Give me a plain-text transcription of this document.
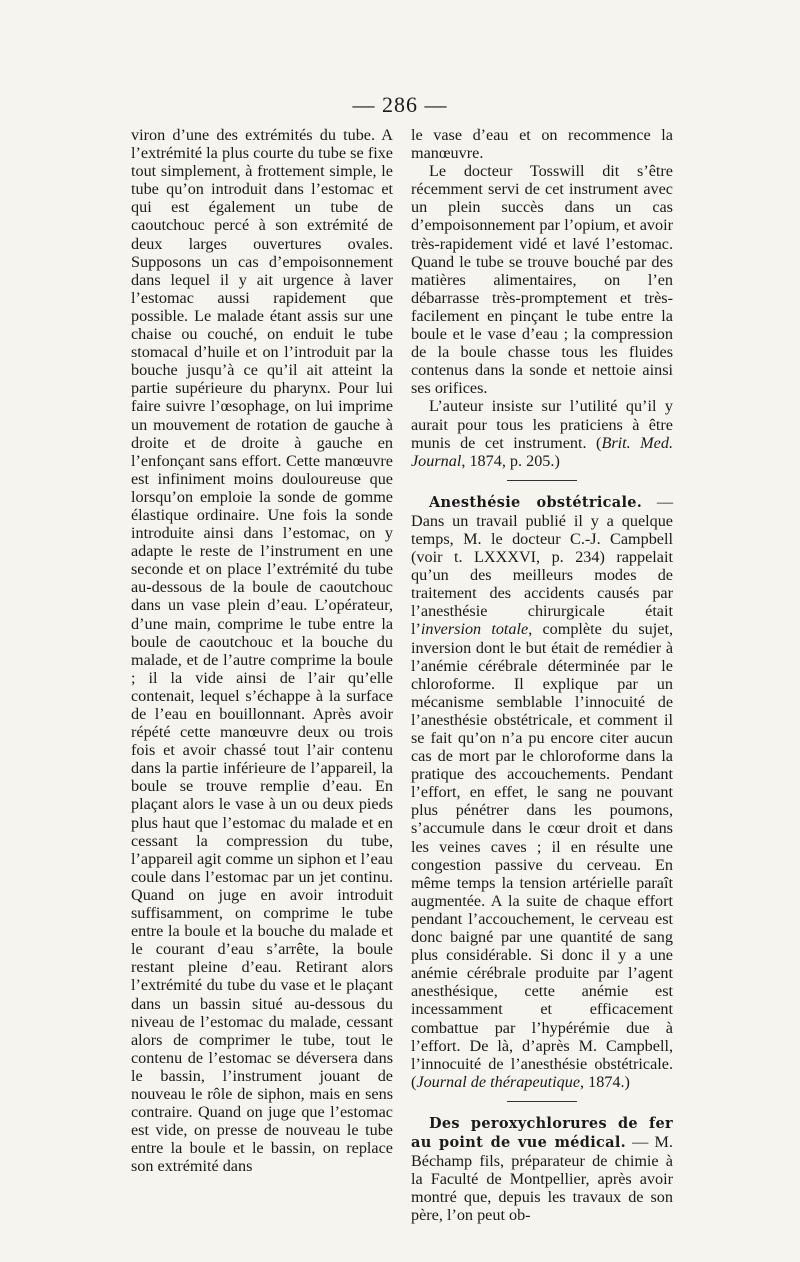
— 286 —

viron d’une des extrémités du tube. A l’extrémité la plus courte du tube se fixe tout simplement, à frottement simple, le tube qu’on introduit dans l’estomac et qui est également un tube de caoutchouc percé à son extrémité de deux larges ouvertures ovales. Supposons un cas d’empoisonnement dans lequel il y ait urgence à laver l’estomac aussi rapidement que possible. Le malade étant assis sur une chaise ou couché, on enduit le tube stomacal d’huile et on l’introduit par la bouche jusqu’à ce qu’il ait atteint la partie supérieure du pharynx. Pour lui faire suivre l’œsophage, on lui imprime un mouvement de rotation de gauche à droite et de droite à gauche en l’enfonçant sans effort. Cette manœuvre est infiniment moins douloureuse que lorsqu’on emploie la sonde de gomme élastique ordinaire. Une fois la sonde introduite ainsi dans l’estomac, on y adapte le reste de l’instrument en une seconde et on place l’extrémité du tube au-dessous de la boule de caoutchouc dans un vase plein d’eau. L’opérateur, d’une main, comprime le tube entre la boule de caoutchouc et la bouche du malade, et de l’autre comprime la boule ; il la vide ainsi de l’air qu’elle contenait, lequel s’échappe à la surface de l’eau en bouillonnant. Après avoir répété cette manœuvre deux ou trois fois et avoir chassé tout l’air contenu dans la partie inférieure de l’appareil, la boule se trouve remplie d’eau. En plaçant alors le vase à un ou deux pieds plus haut que l’estomac du malade et en cessant la compression du tube, l’appareil agit comme un siphon et l’eau coule dans l’estomac par un jet continu. Quand on juge en avoir introduit suffisamment, on comprime le tube entre la boule et la bouche du malade et le courant d’eau s’arrête, la boule restant pleine d’eau. Retirant alors l’extrémité du tube du vase et le plaçant dans un bassin situé au-dessous du niveau de l’estomac du malade, cessant alors de comprimer le tube, tout le contenu de l’estomac se déversera dans le bassin, l’instrument jouant de nouveau le rôle de siphon, mais en sens contraire. Quand on juge que l’estomac est vide, on presse de nouveau le tube entre la boule et le bassin, on replace son extrémité dans

le vase d’eau et on recommence la manœuvre.

Le docteur Tosswill dit s’être récemment servi de cet instrument avec un plein succès dans un cas d’empoisonnement par l’opium, et avoir très-rapidement vidé et lavé l’estomac. Quand le tube se trouve bouché par des matières alimentaires, on l’en débarrasse très-promptement et très-facilement en pinçant le tube entre la boule et le vase d’eau ; la compression de la boule chasse tous les fluides contenus dans la sonde et nettoie ainsi ses orifices.

L’auteur insiste sur l’utilité qu’il y aurait pour tous les praticiens à être munis de cet instrument. (Brit. Med. Journal, 1874, p. 205.)

Anesthésie obstétricale. — Dans un travail publié il y a quelque temps, M. le docteur C.-J. Campbell (voir t. LXXXVI, p. 234) rappelait qu’un des meilleurs modes de traitement des accidents causés par l’anesthésie chirurgicale était l’inversion totale, complète du sujet, inversion dont le but était de remédier à l’anémie cérébrale déterminée par le chloroforme. Il explique par un mécanisme semblable l’innocuité de l’anesthésie obstétricale, et comment il se fait qu’on n’a pu encore citer aucun cas de mort par le chloroforme dans la pratique des accouchements. Pendant l’effort, en effet, le sang ne pouvant plus pénétrer dans les poumons, s’accumule dans le cœur droit et dans les veines caves ; il en résulte une congestion passive du cerveau. En même temps la tension artérielle paraît augmentée. A la suite de chaque effort pendant l’accouchement, le cerveau est donc baigné par une quantité de sang plus considérable. Si donc il y a une anémie cérébrale produite par l’agent anesthésique, cette anémie est incessamment et efficacement combattue par l’hypérémie due à l’effort. De là, d’après M. Campbell, l’innocuité de l’anesthésie obstétricale. (Journal de thérapeutique, 1874.)

Des peroxychlorures de fer au point de vue médical. — M. Béchamp fils, préparateur de chimie à la Faculté de Montpellier, après avoir montré que, depuis les travaux de son père, l’on peut ob-
